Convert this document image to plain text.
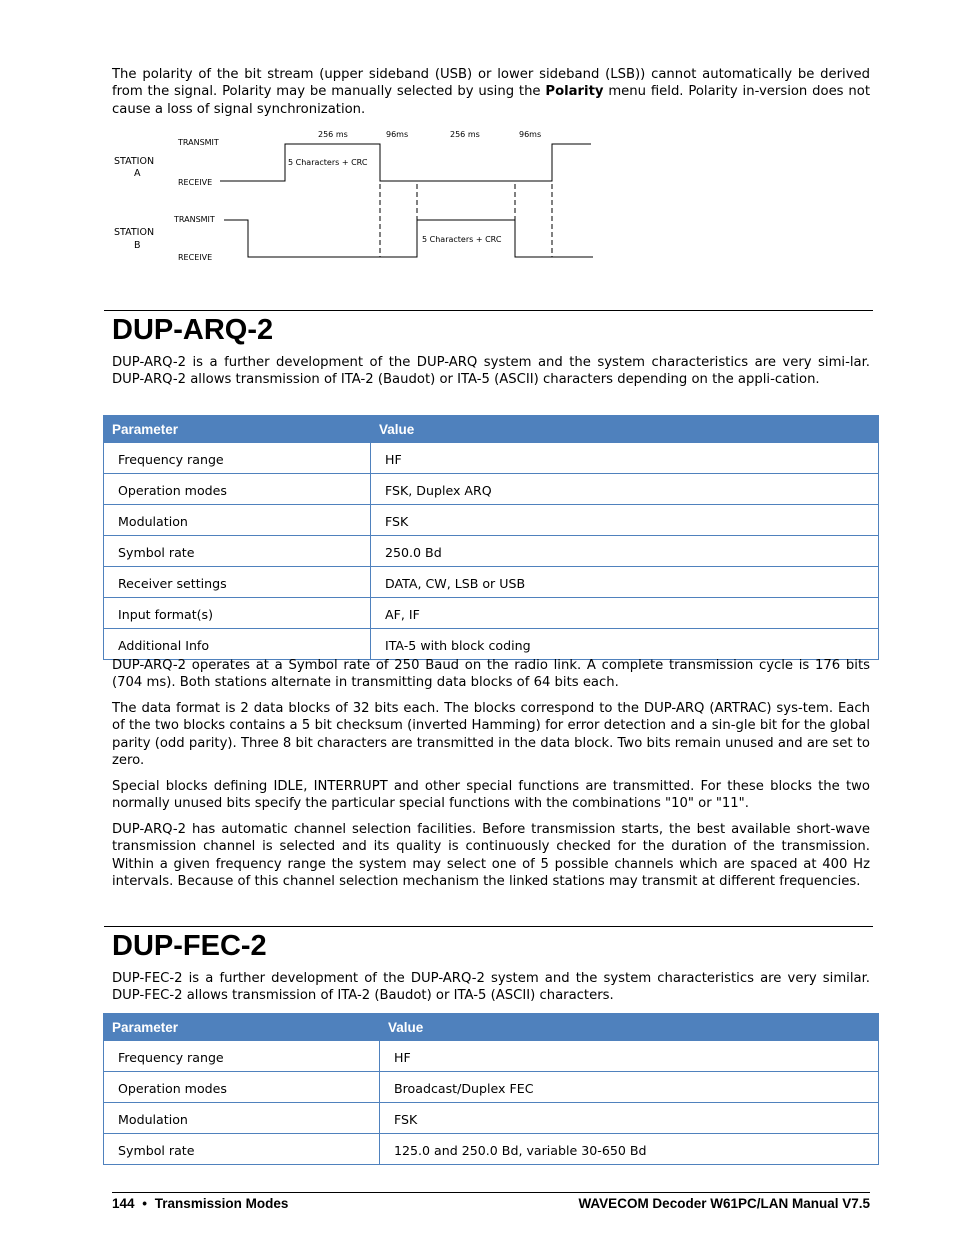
The polarity of the bit stream (upper sideband (USB) or lower sideband (LSB)) cannot automatically be derived from the signal. Polarity may be manually selected by using the Polarity menu field. Polarity in-version does not cause a loss of signal synchronization.

STATION
A
TRANSMIT
RECEIVE
STATION
B
TRANSMIT
RECEIVE
256 ms	96ms	256 ms	96ms
5 Characters + CRC
5 Characters + CRC
DUP-ARQ-2

DUP-ARQ-2 is a further development of the DUP-ARQ system and the system characteristics are very simi-lar. DUP-ARQ-2 allows transmission of ITA-2 (Baudot) or ITA-5 (ASCII) characters depending on the appli-cation.

Parameter	Value
Frequency range	HF
Operation modes	FSK, Duplex ARQ
Modulation	FSK
Symbol rate	250.0 Bd
Receiver settings	DATA, CW, LSB or USB
Input format(s)	AF, IF
Additional Info	ITA-5 with block coding

DUP-ARQ-2 operates at a Symbol rate of 250 Baud on the radio link. A complete transmission cycle is 176 bits (704 ms). Both stations alternate in transmitting data blocks of 64 bits each.

The data format is 2 data blocks of 32 bits each. The blocks correspond to the DUP-ARQ (ARTRAC) sys-tem. Each of the two blocks contains a 5 bit checksum (inverted Hamming) for error detection and a sin-gle bit for the global parity (odd parity). Three 8 bit characters are transmitted in the data block. Two bits remain unused and are set to zero.

Special blocks defining IDLE, INTERRUPT and other special functions are transmitted. For these blocks the two normally unused bits specify the particular special functions with the combinations "10" or "11".

DUP-ARQ-2 has automatic channel selection facilities. Before transmission starts, the best available short-wave transmission channel is selected and its quality is continuously checked for the duration of the transmission. Within a given frequency range the system may select one of 5 possible channels which are spaced at 400 Hz intervals. Because of this channel selection mechanism the linked stations may transmit at different frequencies.

DUP-FEC-2

DUP-FEC-2 is a further development of the DUP-ARQ-2 system and the system characteristics are very similar. DUP-FEC-2 allows transmission of ITA-2 (Baudot) or ITA-5 (ASCII) characters.

Parameter	Value
Frequency range	HF
Operation modes	Broadcast/Duplex FEC
Modulation	FSK
Symbol rate	125.0 and 250.0 Bd, variable 30-650 Bd
144 • Transmission Modes	WAVECOM Decoder W61PC/LAN Manual V7.5
